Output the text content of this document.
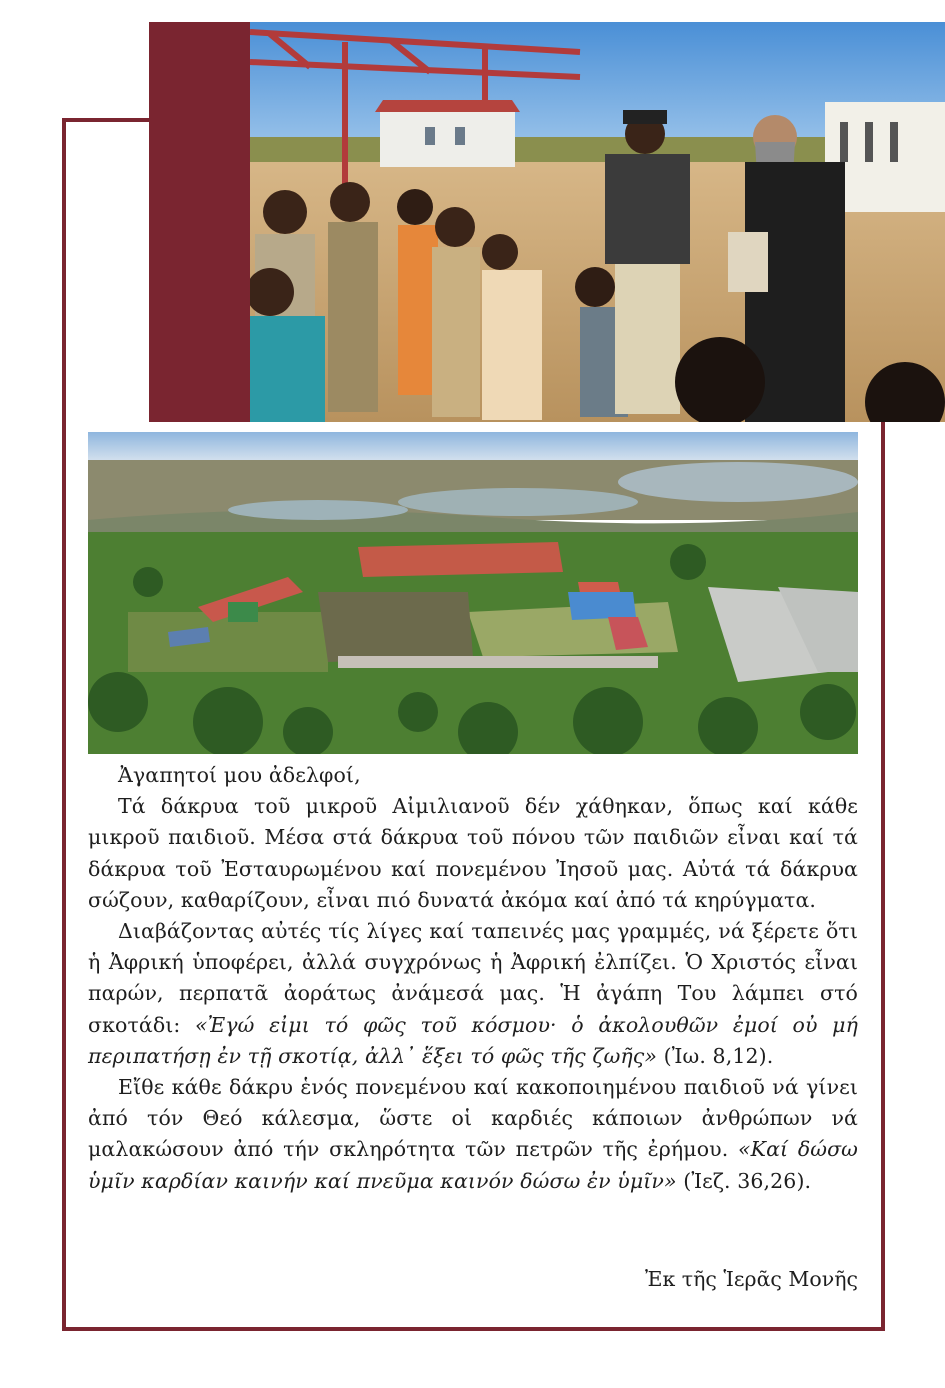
Ἀγαπητοί μου ἀδελφοί,

Τά δάκρυα τοῦ μικροῦ Αἰμιλιανοῦ δέν χάθηκαν, ὅπως καί κάθε μικροῦ παιδιοῦ. Μέσα στά δάκρυα τοῦ πόνου τῶν παιδιῶν εἶναι καί τά δάκρυα τοῦ Ἐσταυρωμένου καί πονεμένου Ἰησοῦ μας. Αὐτά τά δάκρυα σώζουν, καθαρίζουν, εἶναι πιό δυνατά ἀκόμα καί ἀπό τά κηρύγματα.

Διαβάζοντας αὐτές τίς λίγες καί ταπεινές μας γραμμές, νά ξέρετε ὅτι ἡ Ἀφρική ὑποφέρει, ἀλλά συγχρόνως ἡ Ἀφρική ἐλπίζει. Ὁ Χριστός εἶναι παρών, περπατᾶ ἀοράτως ἀνάμεσά μας. Ἡ ἀγάπη Του λάμπει στό σκοτάδι: «Ἐγώ εἰμι τό φῶς τοῦ κόσμου· ὁ ἀκολουθῶν ἐμοί οὐ μή περιπατήσῃ ἐν τῇ σκοτίᾳ, ἀλλ᾽ ἕξει τό φῶς τῆς ζωῆς» (Ἰω. 8,12).

Εἴθε κάθε δάκρυ ἑνός πονεμένου καί κακοποιημένου παιδιοῦ νά γίνει ἀπό τόν Θεό κάλεσμα, ὥστε οἱ καρδιές κάποιων ἀνθρώπων νά μαλακώσουν ἀπό τήν σκληρότητα τῶν πετρῶν τῆς ἐρήμου. «Καί δώσω ὑμῖν καρδίαν καινήν καί πνεῦμα καινόν δώσω ἐν ὑμῖν» (Ἰεζ. 36,26).

Ἐκ τῆς Ἱερᾶς Μονῆς
